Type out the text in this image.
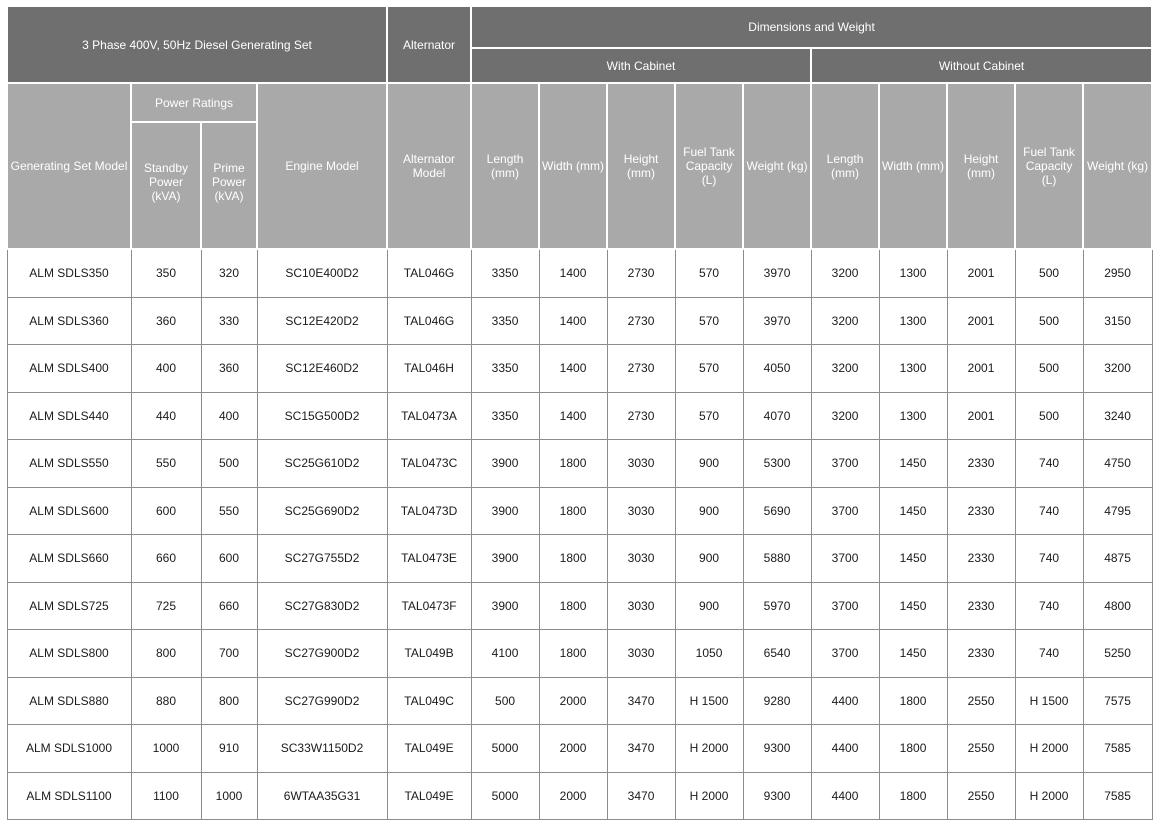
3 Phase 400V, 50Hz Diesel Generating Set				Alternator	Dimensions and Weight									
					With Cabinet					Without Cabinet				
Generating Set Model	Power Ratings		Engine Model	Alternator Model	Length (mm)	Width (mm)	Height (mm)	Fuel Tank Capacity (L)	Weight (kg)	Length (mm)	Width (mm)	Height (mm)	Fuel Tank Capacity (L)	Weight (kg)
	Standby Power (kVA)	Prime Power (kVA)												
ALM SDLS350	350	320	SC10E400D2	TAL046G	3350	1400	2730	570	3970	3200	1300	2001	500	2950
ALM SDLS360	360	330	SC12E420D2	TAL046G	3350	1400	2730	570	3970	3200	1300	2001	500	3150
ALM SDLS400	400	360	SC12E460D2	TAL046H	3350	1400	2730	570	4050	3200	1300	2001	500	3200
ALM SDLS440	440	400	SC15G500D2	TAL0473A	3350	1400	2730	570	4070	3200	1300	2001	500	3240
ALM SDLS550	550	500	SC25G610D2	TAL0473C	3900	1800	3030	900	5300	3700	1450	2330	740	4750
ALM SDLS600	600	550	SC25G690D2	TAL0473D	3900	1800	3030	900	5690	3700	1450	2330	740	4795
ALM SDLS660	660	600	SC27G755D2	TAL0473E	3900	1800	3030	900	5880	3700	1450	2330	740	4875
ALM SDLS725	725	660	SC27G830D2	TAL0473F	3900	1800	3030	900	5970	3700	1450	2330	740	4800
ALM SDLS800	800	700	SC27G900D2	TAL049B	4100	1800	3030	1050	6540	3700	1450	2330	740	5250
ALM SDLS880	880	800	SC27G990D2	TAL049C	500	2000	3470	H 1500	9280	4400	1800	2550	H 1500	7575
ALM SDLS1000	1000	910	SC33W1150D2	TAL049E	5000	2000	3470	H 2000	9300	4400	1800	2550	H 2000	7585
ALM SDLS1100	1100	1000	6WTAA35G31	TAL049E	5000	2000	3470	H 2000	9300	4400	1800	2550	H 2000	7585
